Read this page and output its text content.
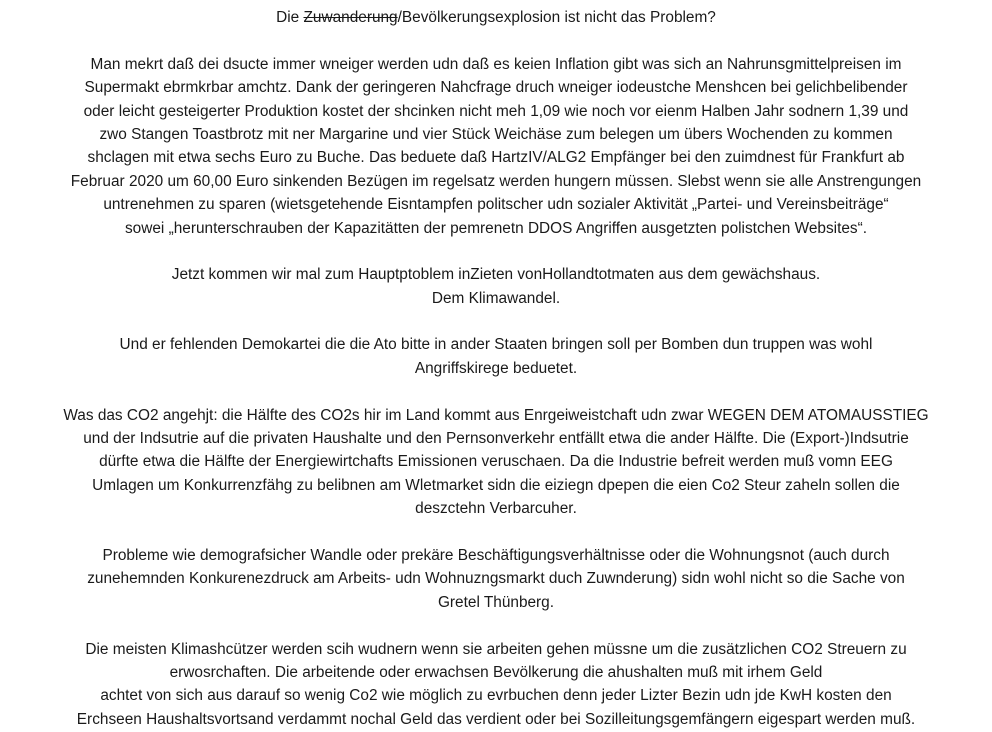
Die Zuwanderung/Bevölkerungsexplosion ist nicht das Problem?
Man mekrt daß dei dsucte immer wneiger werden udn daß es keien Inflation gibt was sich an Nahrunsgmittelpreisen im
Supermakt ebrmkrbar amchtz. Dank der geringeren Nahcfrage druch wneiger iodeustche Menshcen bei gelichbelibender
oder leicht gesteigerter Produktion kostet der shcinken nicht meh 1,09 wie noch vor eienm Halben Jahr sodnern 1,39 und
zwo Stangen Toastbrotz mit ner Margarine und vier Stück Weichäse zum belegen um übers Wochenden zu kommen
shclagen mit etwa sechs Euro zu Buche. Das beduete daß HartzIV/ALG2 Empfänger bei den zuimdnest für Frankfurt ab
Februar 2020 um 60,00 Euro sinkenden Bezügen im regelsatz werden hungern müssen. Slebst wenn sie alle Anstrengungen
untrenehmen zu sparen (wietsgetehende Eisntampfen politscher udn sozialer Aktivität „Partei- und Vereinsbeiträge“
sowei „herunterschrauben der Kapazitätten der pemrenetn DDOS Angriffen ausgetzten polistchen Websites“.
Jetzt kommen wir mal zum Hauptptoblem inZieten vonHollandtotmaten aus dem gewächshaus.
Dem Klimawandel.
Und er fehlenden Demokartei die die Ato bitte in ander Staaten bringen soll per Bomben dun truppen was wohl
Angriffskirege beduetet.
Was das CO2 angehjt: die Hälfte des CO2s hir im Land kommt aus Enrgeiweistchaft udn zwar WEGEN DEM ATOMAUSSTIEG
und der Indsutrie auf die privaten Haushalte und den Pernsonverkehr entfällt etwa die ander Hälfte. Die (Export-)Indsutrie
dürfte etwa die Hälfte der Energiewirtchafts Emissionen veruschaen. Da die Industrie befreit werden muß vomn EEG
Umlagen um Konkurrenzfähg zu belibnen am Wletmarket sidn die eiziegn dpepen die eien Co2 Steur zaheln sollen die
deszctehn Verbarcuher.
Probleme wie demografsicher Wandle oder prekäre Beschäftigungsverhältnisse oder die Wohnungsnot (auch durch
zunehemnden Konkurenezdruck am Arbeits- udn Wohnuzngsmarkt duch Zuwnderung) sidn wohl nicht so die Sache von
Gretel Thünberg.
Die meisten Klimashcützer werden scih wudnern wenn sie arbeiten gehen müssne um die zusätzlichen CO2 Streuern zu
erwosrchaften. Die arbeitende oder erwachsen Bevölkerung die ahushalten muß mit irhem Geld
achtet von sich aus darauf so wenig Co2 wie möglich zu evrbuchen denn jeder Lizter Bezin udn jde KwH kosten den
Erchseen Haushaltsvortsand verdammt nochal Geld das verdient oder bei Sozilleitungsgemfängern eigespart werden muß.
